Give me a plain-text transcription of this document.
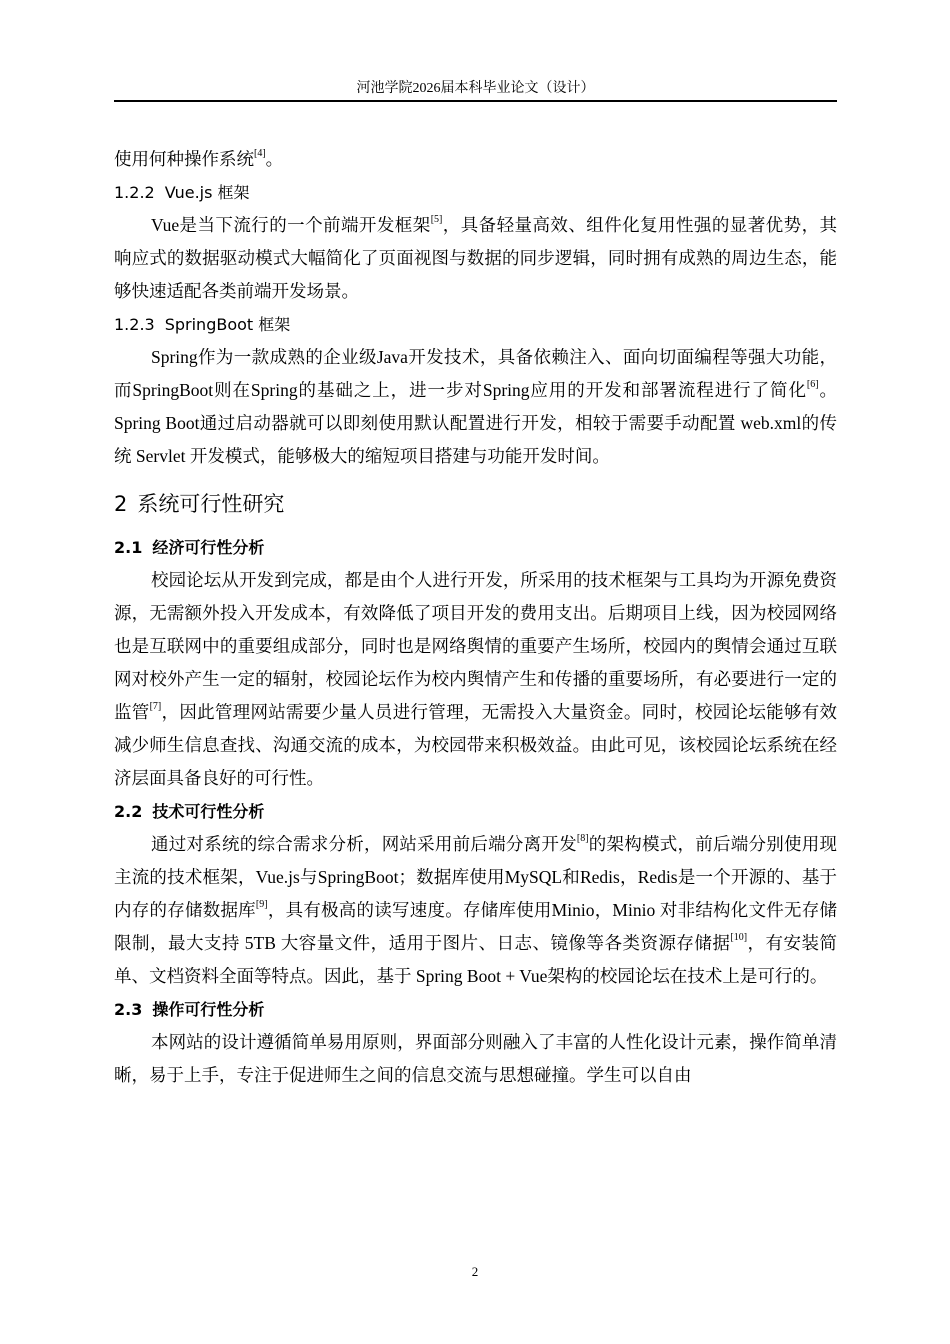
河池学院2026届本科毕业论文（设计）

使用何种操作系统[4]。

1.2.2 Vue.js 框架

Vue是当下流行的一个前端开发框架[5]，具备轻量高效、组件化复用性强的显著优势，其响应式的数据驱动模式大幅简化了页面视图与数据的同步逻辑，同时拥有成熟的周边生态，能够快速适配各类前端开发场景。

1.2.3 SpringBoot 框架

Spring作为一款成熟的企业级Java开发技术，具备依赖注入、面向切面编程等强大功能，而SpringBoot则在Spring的基础之上，进一步对Spring应用的开发和部署流程进行了简化[6]。Spring Boot通过启动器就可以即刻使用默认配置进行开发，相较于需要手动配置 web.xml的传统 Servlet 开发模式，能够极大的缩短项目搭建与功能开发时间。

2 系统可行性研究
2.1 经济可行性分析

校园论坛从开发到完成，都是由个人进行开发，所采用的技术框架与工具均为开源免费资源，无需额外投入开发成本，有效降低了项目开发的费用支出。后期项目上线，因为校园网络也是互联网中的重要组成部分，同时也是网络舆情的重要产生场所，校园内的舆情会通过互联网对校外产生一定的辐射，校园论坛作为校内舆情产生和传播的重要场所，有必要进行一定的监管[7]，因此管理网站需要少量人员进行管理，无需投入大量资金。同时，校园论坛能够有效减少师生信息查找、沟通交流的成本，为校园带来积极效益。由此可见，该校园论坛系统在经济层面具备良好的可行性。

2.2 技术可行性分析

通过对系统的综合需求分析，网站采用前后端分离开发[8]的架构模式，前后端分别使用现主流的技术框架，Vue.js与SpringBoot；数据库使用MySQL和Redis，Redis是一个开源的、基于内存的存储数据库[9]，具有极高的读写速度。存储库使用Minio，Minio 对非结构化文件无存储限制，最大支持 5TB 大容量文件，适用于图片、日志、镜像等各类资源存储据[10]，有安装简单、文档资料全面等特点。因此，基于 Spring Boot + Vue架构的校园论坛在技术上是可行的。

2.3 操作可行性分析

本网站的设计遵循简单易用原则，界面部分则融入了丰富的人性化设计元素，操作简单清晰，易于上手，专注于促进师生之间的信息交流与思想碰撞。学生可以自由

2
